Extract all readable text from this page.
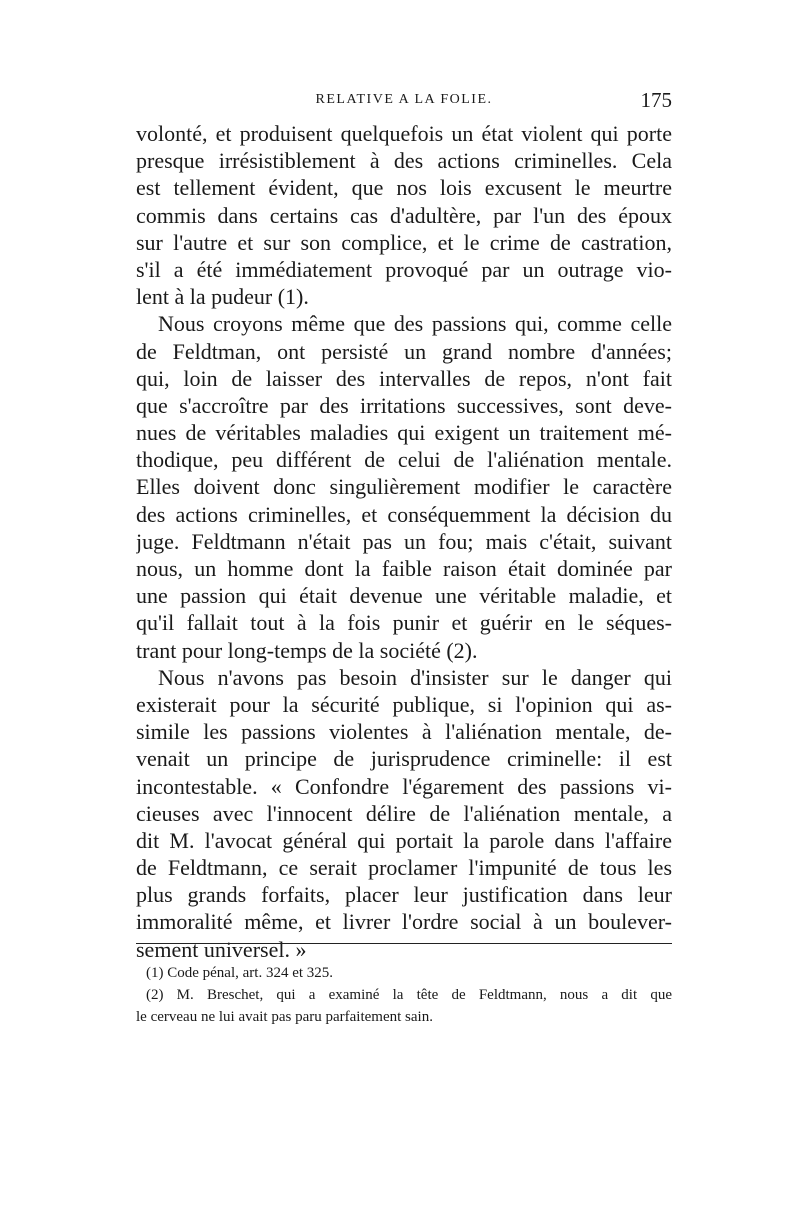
RELATIVE A LA FOLIE.	175
volonté, et produisent quelquefois un état violent qui porte
presque irrésistiblement à des actions criminelles. Cela
est tellement évident, que nos lois excusent le meurtre
commis dans certains cas d'adultère, par l'un des époux
sur l'autre et sur son complice, et le crime de castration,
s'il a été immédiatement provoqué par un outrage vio-
lent à la pudeur (1).
Nous croyons même que des passions qui, comme celle
de Feldtman, ont persisté un grand nombre d'années;
qui, loin de laisser des intervalles de repos, n'ont fait
que s'accroître par des irritations successives, sont deve-
nues de véritables maladies qui exigent un traitement mé-
thodique, peu différent de celui de l'aliénation mentale.
Elles doivent donc singulièrement modifier le caractère
des actions criminelles, et conséquemment la décision du
juge. Feldtmann n'était pas un fou; mais c'était, suivant
nous, un homme dont la faible raison était dominée par
une passion qui était devenue une véritable maladie, et
qu'il fallait tout à la fois punir et guérir en le séques-
trant pour long-temps de la société (2).
Nous n'avons pas besoin d'insister sur le danger qui
existerait pour la sécurité publique, si l'opinion qui as-
simile les passions violentes à l'aliénation mentale, de-
venait un principe de jurisprudence criminelle: il est
incontestable. « Confondre l'égarement des passions vi-
cieuses avec l'innocent délire de l'aliénation mentale, a
dit M. l'avocat général qui portait la parole dans l'affaire
de Feldtmann, ce serait proclamer l'impunité de tous les
plus grands forfaits, placer leur justification dans leur
immoralité même, et livrer l'ordre social à un boulever-
sement universel. »
(1) Code pénal, art. 324 et 325.
(2) M. Breschet, qui a examiné la tête de Feldtmann, nous a dit que
le cerveau ne lui avait pas paru parfaitement sain.
